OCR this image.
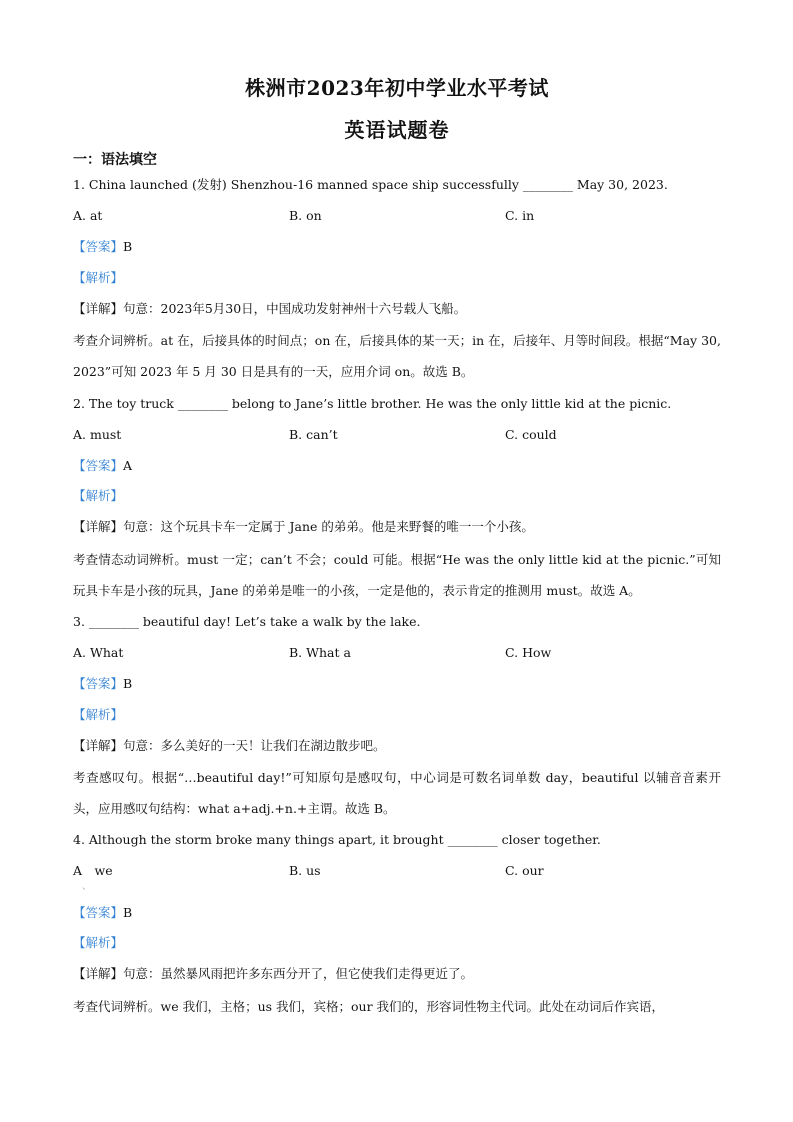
株洲市2023年初中学业水平考试
英语试题卷
一：语法填空
1. China launched (发射) Shenzhou-16 manned space ship successfully ________ May 30, 2023.
A. at	B. on	C. in
【答案】B
【解析】
【详解】句意：2023年5月30日，中国成功发射神州十六号载人飞船。
考查介词辨析。at 在，后接具体的时间点；on 在，后接具体的某一天；in 在，后接年、月等时间段。根据“May 30, 2023”可知 2023 年 5 月 30 日是具有的一天，应用介词 on。故选 B。
2. The toy truck ________ belong to Jane’s little brother. He was the only little kid at the picnic.
A. must	B. can’t	C. could
【答案】A
【解析】
【详解】句意：这个玩具卡车一定属于 Jane 的弟弟。他是来野餐的唯一一个小孩。
考查情态动词辨析。must 一定；can’t 不会；could 可能。根据“He was the only little kid at the picnic.”可知玩具卡车是小孩的玩具，Jane 的弟弟是唯一的小孩，一定是他的，表示肯定的推测用 must。故选 A。
3. ________ beautiful day! Let’s take a walk by the lake.
A. What	B. What a	C. How
【答案】B
【解析】
【详解】句意：多么美好的一天！让我们在湖边散步吧。
考查感叹句。根据“…beautiful day!”可知原句是感叹句，中心词是可数名词单数 day，beautiful 以辅音音素开头，应用感叹句结构：what a+adj.+n.+主谓。故选 B。
4. Although the storm broke many things apart, it brought ________ closer together.
A　we
、
B. us	C. our
【答案】B
【解析】
【详解】句意：虽然暴风雨把许多东西分开了，但它使我们走得更近了。
考查代词辨析。we 我们，主格；us 我们，宾格；our 我们的，形容词性物主代词。此处在动词后作宾语，
